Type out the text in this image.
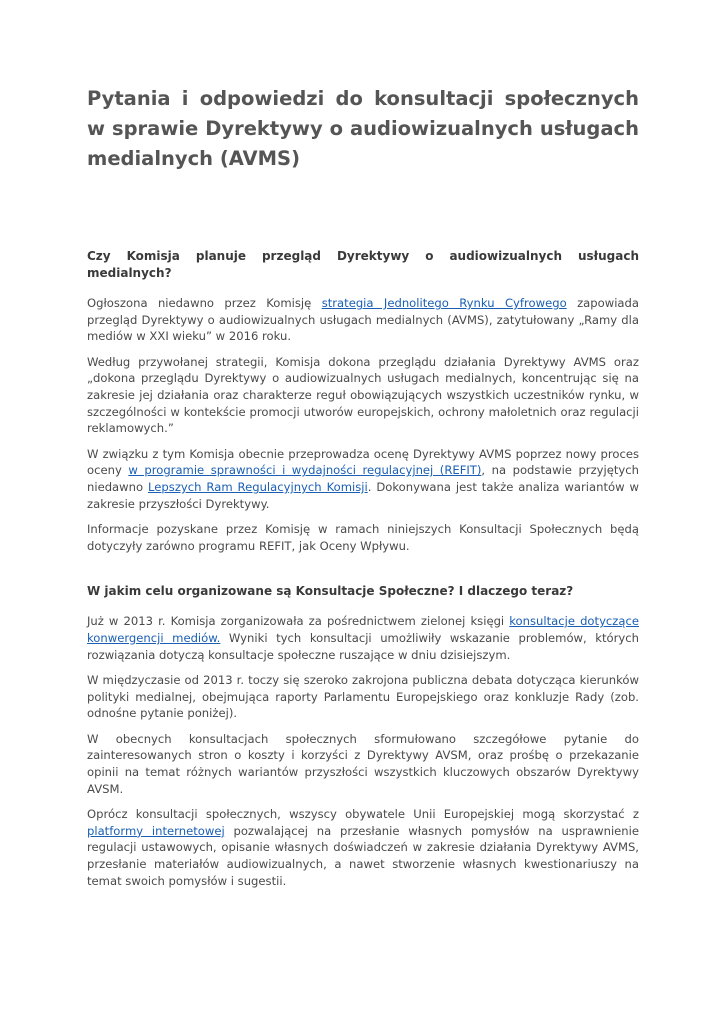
Pytania i odpowiedzi do konsultacji społecznych w sprawie Dyrektywy o audiowizualnych usługach medialnych (AVMS)
Czy Komisja planuje przegląd Dyrektywy o audiowizualnych usługach medialnych?

Ogłoszona niedawno przez Komisję strategia Jednolitego Rynku Cyfrowego zapowiada przegląd Dyrektywy o audiowizualnych usługach medialnych (AVMS), zatytułowany „Ramy dla mediów w XXI wieku” w 2016 roku.

Według przywołanej strategii, Komisja dokona przeglądu działania Dyrektywy AVMS oraz „dokona przeglądu Dyrektywy o audiowizualnych usługach medialnych, koncentrując się na zakresie jej działania oraz charakterze reguł obowiązujących wszystkich uczestników rynku, w szczególności w kontekście promocji utworów europejskich, ochrony małoletnich oraz regulacji reklamowych.”

W związku z tym Komisja obecnie przeprowadza ocenę Dyrektywy AVMS poprzez nowy proces oceny w programie sprawności i wydajności regulacyjnej (REFIT), na podstawie przyjętych niedawno Lepszych Ram Regulacyjnych Komisji. Dokonywana jest także analiza wariantów w zakresie przyszłości Dyrektywy.

Informacje pozyskane przez Komisję w ramach niniejszych Konsultacji Społecznych będą dotyczyły zarówno programu REFIT, jak Oceny Wpływu.

W jakim celu organizowane są Konsultacje Społeczne? I dlaczego teraz?

Już w 2013 r. Komisja zorganizowała za pośrednictwem zielonej księgi konsultacje dotyczące konwergencji mediów. Wyniki tych konsultacji umożliwiły wskazanie problemów, których rozwiązania dotyczą konsultacje społeczne ruszające w dniu dzisiejszym.

W międzyczasie od 2013 r. toczy się szeroko zakrojona publiczna debata dotycząca kierunków polityki medialnej, obejmująca raporty Parlamentu Europejskiego oraz konkluzje Rady (zob. odnośne pytanie poniżej).

W obecnych konsultacjach społecznych sformułowano szczegółowe pytanie do zainteresowanych stron o koszty i korzyści z Dyrektywy AVSM, oraz prośbę o przekazanie opinii na temat różnych wariantów przyszłości wszystkich kluczowych obszarów Dyrektywy AVSM.

Oprócz konsultacji społecznych, wszyscy obywatele Unii Europejskiej mogą skorzystać z platformy internetowej pozwalającej na przesłanie własnych pomysłów na usprawnienie regulacji ustawowych, opisanie własnych doświadczeń w zakresie działania Dyrektywy AVMS, przesłanie materiałów audiowizualnych, a nawet stworzenie własnych kwestionariuszy na temat swoich pomysłów i sugestii.
